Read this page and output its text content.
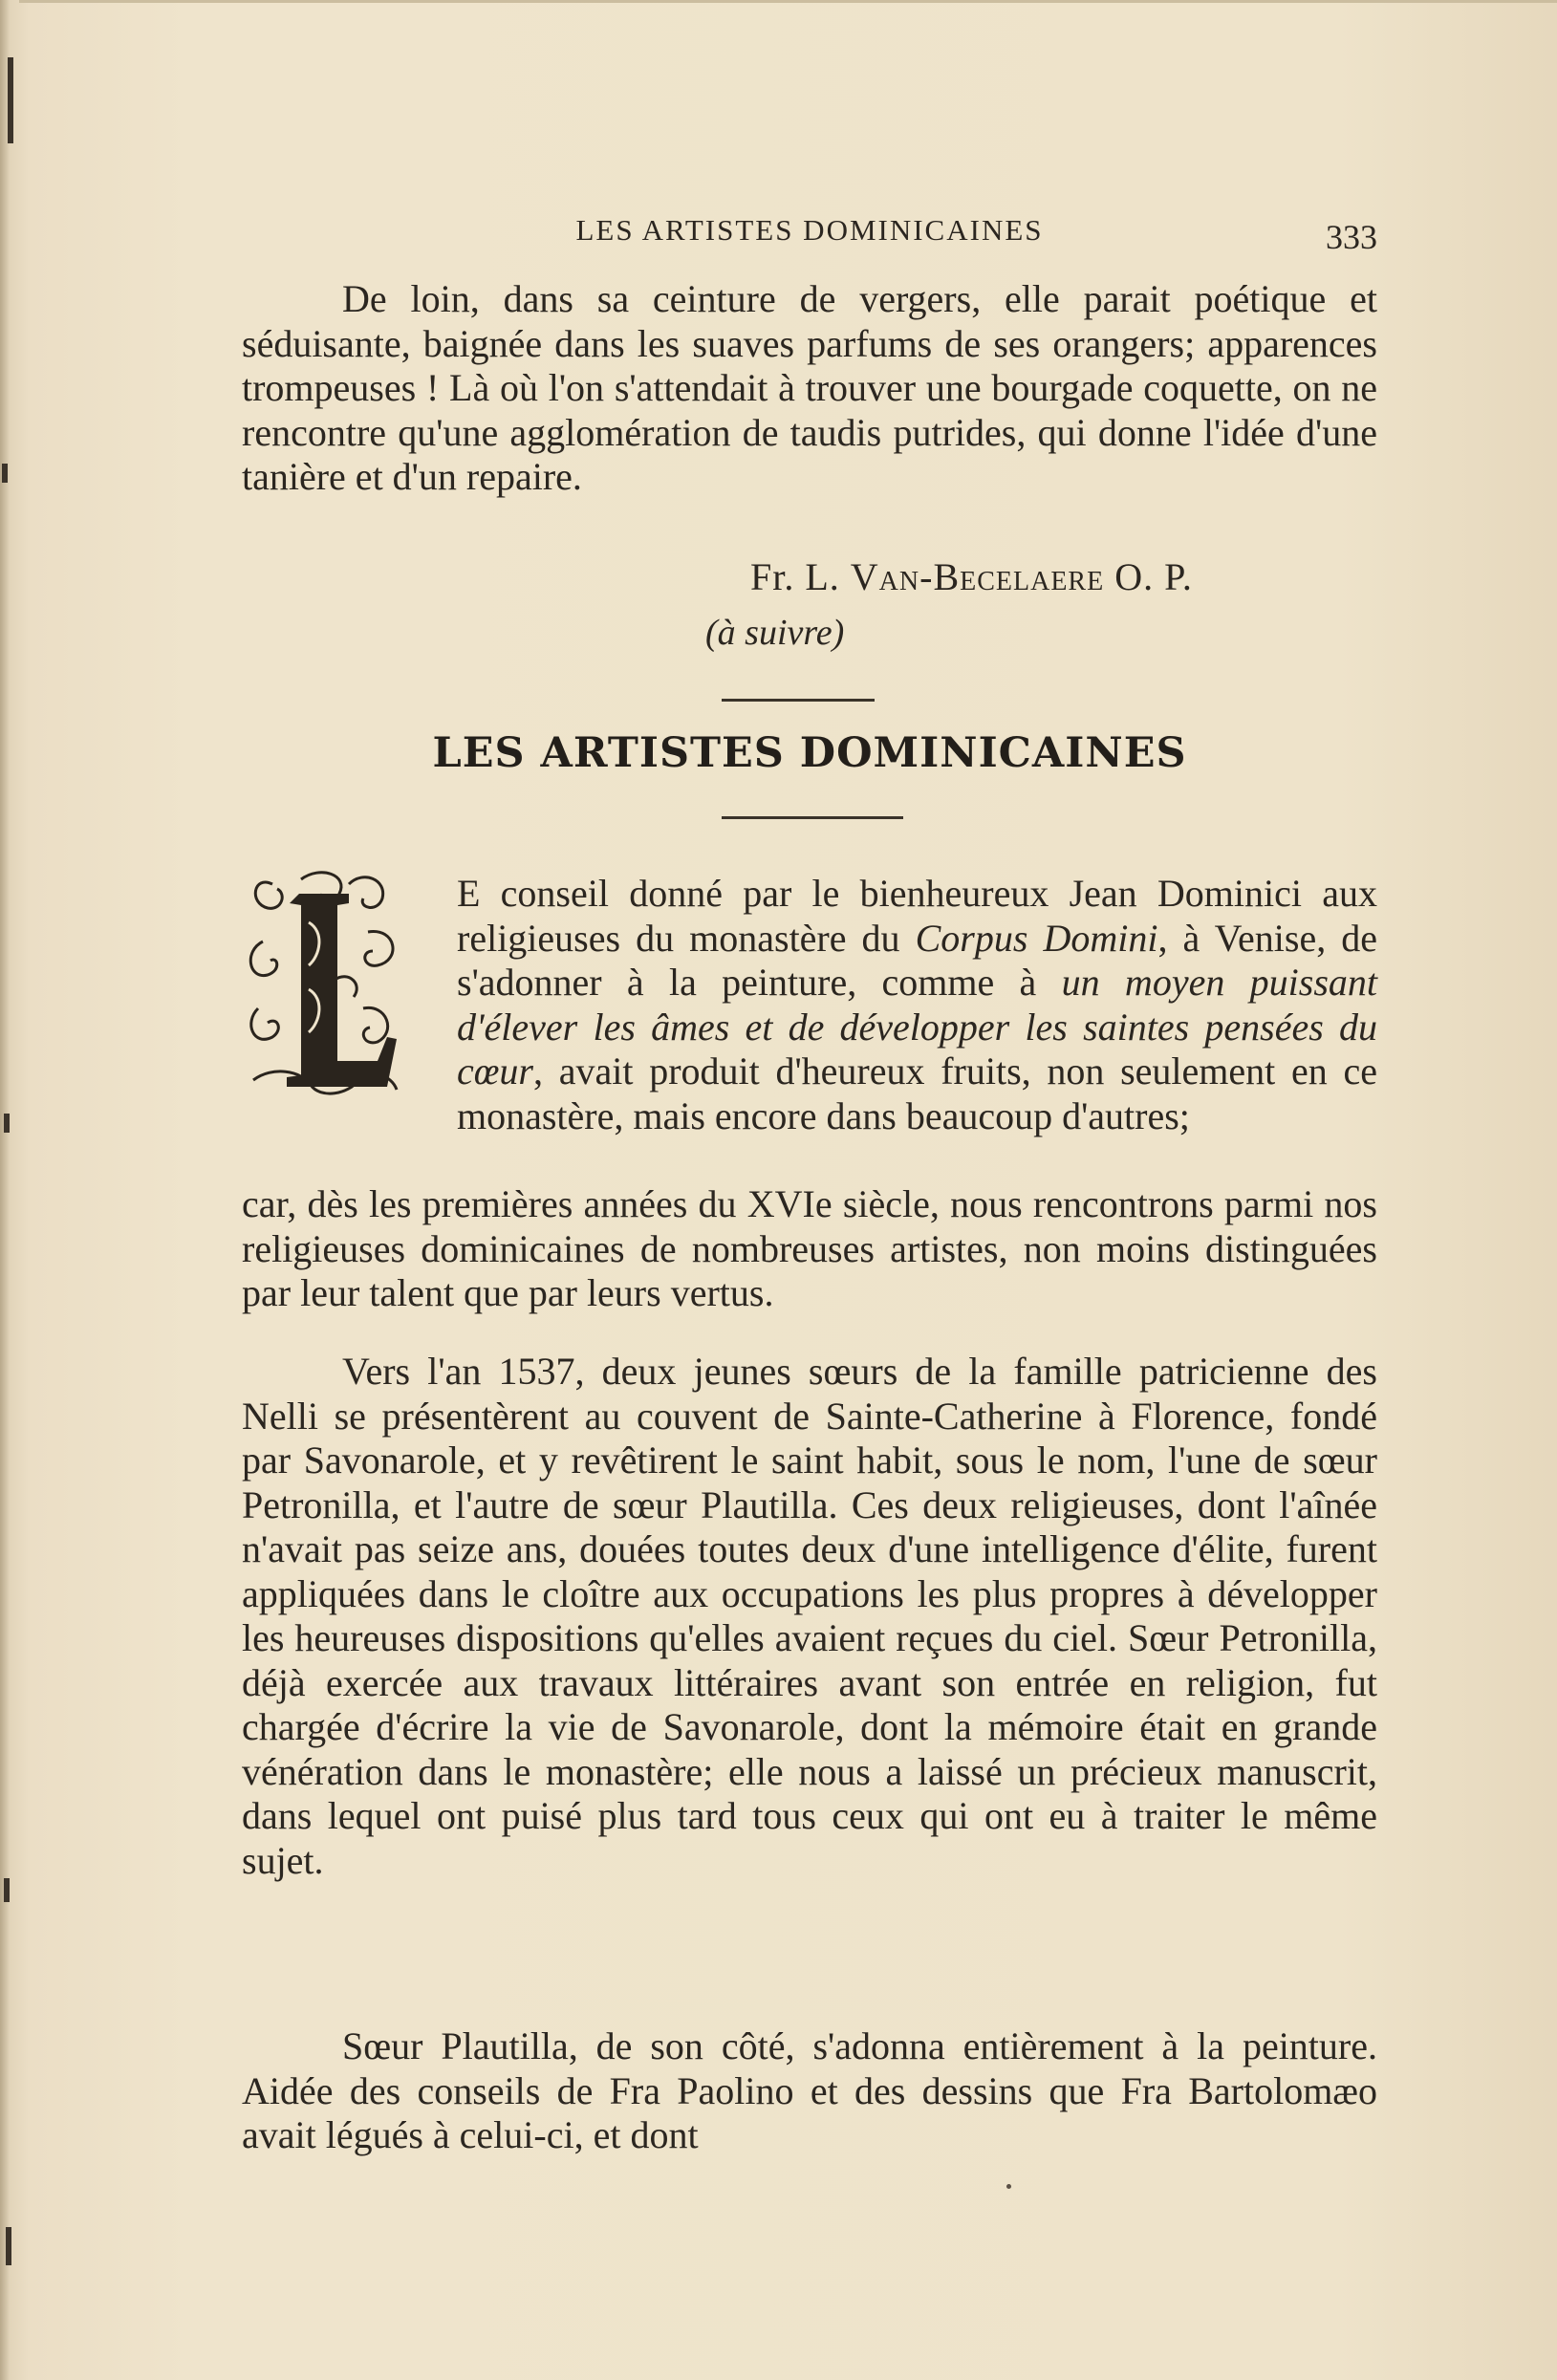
LES ARTISTES DOMINICAINES	333

De loin, dans sa ceinture de vergers, elle parait poétique et séduisante, baignée dans les suaves parfums de ses orangers; apparences trompeuses ! Là où l'on s'attendait à trouver une bourgade coquette, on ne rencontre qu'une agglomération de taudis putrides, qui donne l'idée d'une tanière et d'un repaire.

Fr. L. Van-Becelaere O. P.
(à suivre)
LES ARTISTES DOMINICAINES
L

E conseil donné par le bienheureux Jean Dominici aux religieuses du monastère du Corpus Domini, à Venise, de s'adonner à la peinture, comme à un moyen puissant d'élever les âmes et de développer les saintes pensées du cœur, avait produit d'heureux fruits, non seulement en ce monastère, mais encore dans beaucoup d'autres;

car, dès les premières années du XVIe siècle, nous rencontrons parmi nos religieuses dominicaines de nombreuses artistes, non moins distinguées par leur talent que par leurs vertus.

Vers l'an 1537, deux jeunes sœurs de la famille patricienne des Nelli se présentèrent au couvent de Sainte-Catherine à Florence, fondé par Savonarole, et y revêtirent le saint habit, sous le nom, l'une de sœur Petronilla, et l'autre de sœur Plautilla. Ces deux religieuses, dont l'aînée n'avait pas seize ans, douées toutes deux d'une intelligence d'élite, furent appliquées dans le cloître aux occupations les plus propres à développer les heureuses dispositions qu'elles avaient reçues du ciel. Sœur Petronilla, déjà exercée aux travaux littéraires avant son entrée en religion, fut chargée d'écrire la vie de Savonarole, dont la mémoire était en grande vénération dans le monastère; elle nous a laissé un précieux manuscrit, dans lequel ont puisé plus tard tous ceux qui ont eu à traiter le même sujet.

Sœur Plautilla, de son côté, s'adonna entièrement à la peinture. Aidée des conseils de Fra Paolino et des dessins que Fra Bartolomæo avait légués à celui-ci, et dont
